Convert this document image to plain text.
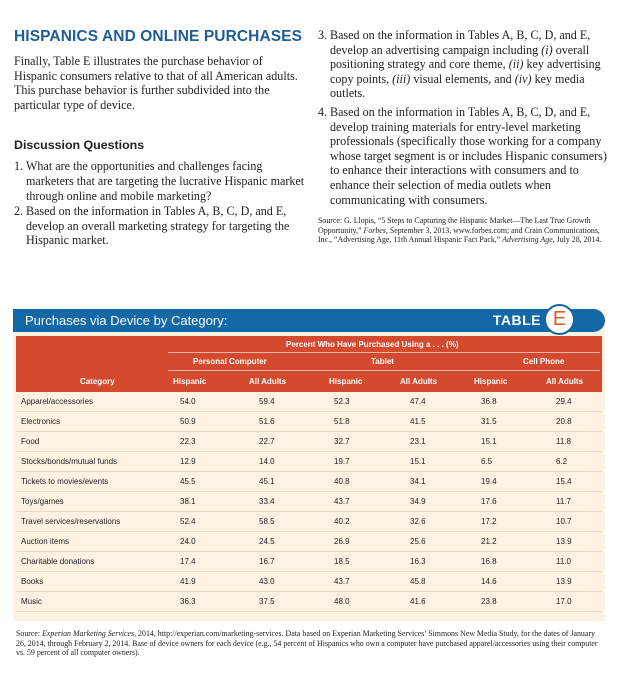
HISPANICS AND ONLINE PURCHASES

Finally, Table E illustrates the purchase behavior of Hispanic consumers relative to that of all American adults. This purchase behavior is further subdivided into the particular type of device.

Discussion Questions
1. What are the opportunities and challenges facing marketers that are targeting the lucrative Hispanic market through online and mobile marketing?
2. Based on the information in Tables A, B, C, D, and E, develop an overall marketing strategy for targeting the Hispanic market.
3. Based on the information in Tables A, B, C, D, and E, develop an advertising campaign including (i) overall positioning strategy and core theme, (ii) key advertising copy points, (iii) visual elements, and (iv) key media outlets.
4. Based on the information in Tables A, B, C, D, and E, develop training materials for entry-level marketing professionals (specifically those working for a company whose target segment is or includes Hispanic consumers) to enhance their interactions with consumers and to enhance their selection of media outlets when communicating with consumers.

Source: G. Llopis, “5 Steps to Capturing the Hispanic Market—The Last True Growth Opportunity,” Forbes, September 3, 2013, www.forbes.com; and Crain Communications, Inc., “Advertising Age, 11th Annual Hispanic Fact Pack,” Advertising Age, July 28, 2014.

Purchases via Device by Category:	TABLE E
Percent Who Have Purchased Using a . . . (%)
Personal Computer	Tablet	Cell Phone
Category	Hispanic	All Adults	Hispanic	All Adults	Hispanic	All Adults
Apparel/accessories	54.0	59.4	52.3	47.4	36.8	29.4
Electronics	50.9	51.6	51.8	41.5	31.5	20.8
Food	22.3	22.7	32.7	23.1	15.1	11.8
Stocks/bonds/mutual funds	12.9	14.0	19.7	15.1	6.5	6.2
Tickets to movies/events	45.5	45.1	40.8	34.1	19.4	15.4
Toys/games	38.1	33.4	43.7	34.9	17.6	11.7
Travel services/reservations	52.4	58.5	40.2	32.6	17.2	10.7
Auction items	24.0	24.5	26.9	25.6	21.2	13.9
Charitable donations	17.4	16.7	18.5	16.3	16.8	11.0
Books	41.9	43.0	43.7	45.8	14.6	13.9
Music	36.3	37.5	48.0	41.6	23.8	17.0

Source: Experian Marketing Services, 2014, http://experian.com/marketing-services. Data based on Experian Marketing Services’ Simmons New Media Study, for the dates of January 26, 2014, through February 2, 2014. Base of device owners for each device (e.g., 54 percent of Hispanics who own a computer have purchased apparel/accessories using their computer vs. 59 percent of all computer owners).
